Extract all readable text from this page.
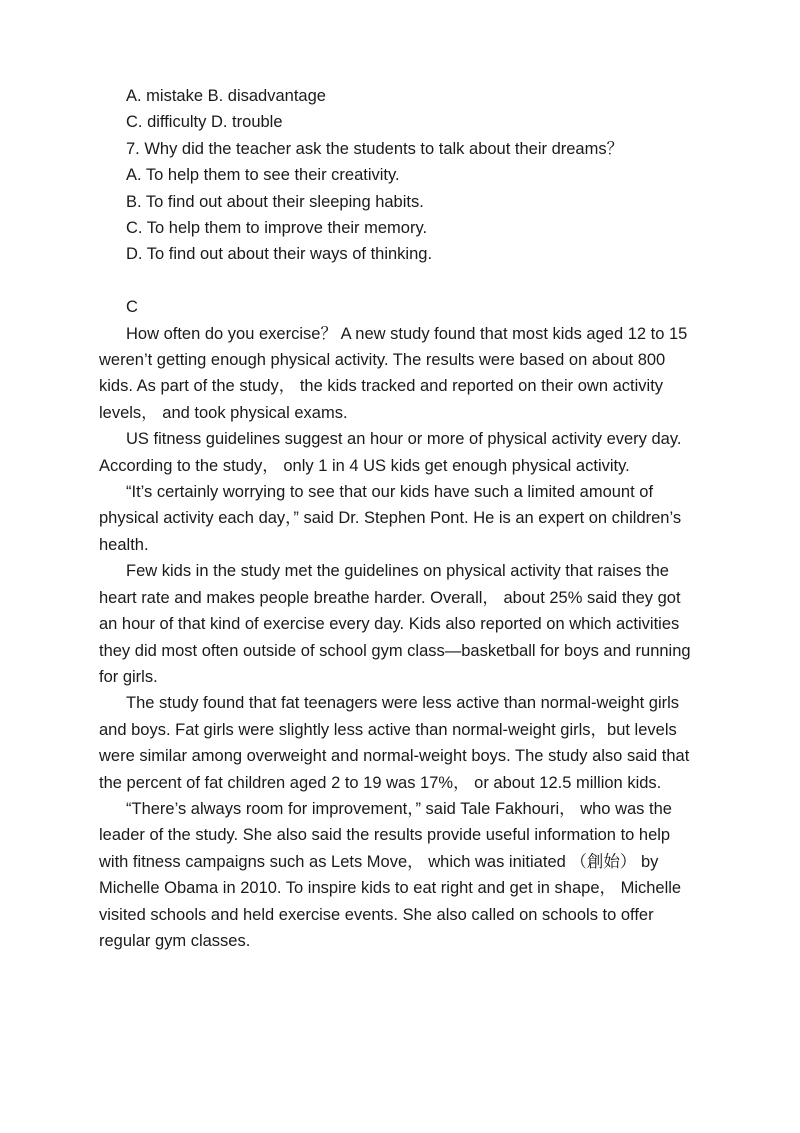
A. mistake B. disadvantage
C. difficulty D. trouble
7. Why did the teacher ask the students to talk about their dreams？
A. To help them to see their creativity.
B. To find out about their sleeping habits.
C. To help them to improve their memory.
D. To find out about their ways of thinking.
C

How often do you exercise？ A new study found that most kids aged 12 to 15 weren’t getting enough physical activity. The results were based on about 800 kids. As part of the study， the kids tracked and reported on their own activity levels， and took physical exams.

US fitness guidelines suggest an hour or more of physical activity every day. According to the study， only 1 in 4 US kids get enough physical activity.

“It’s certainly worrying to see that our kids have such a limited amount of physical activity each day，” said Dr. Stephen Pont. He is an expert on children’s health.

Few kids in the study met the guidelines on physical activity that raises the heart rate and makes people breathe harder. Overall， about 25% said they got an hour of that kind of exercise every day. Kids also reported on which activities they did most often outside of school gym class—basketball for boys and running for girls.

The study found that fat teenagers were less active than normal-weight girls and boys. Fat girls were slightly less active than normal-weight girls，but levels were similar among overweight and normal-weight boys. The study also said that the percent of fat children aged 2 to 19 was 17%， or about 12.5 million kids.

“There’s always room for improvement，” said Tale Fakhouri， who was the leader of the study. She also said the results provide useful information to help with fitness campaigns such as Lets Move， which was initiated （創始） by Michelle Obama in 2010. To inspire kids to eat right and get in shape， Michelle visited schools and held exercise events. She also called on schools to offer regular gym classes.
